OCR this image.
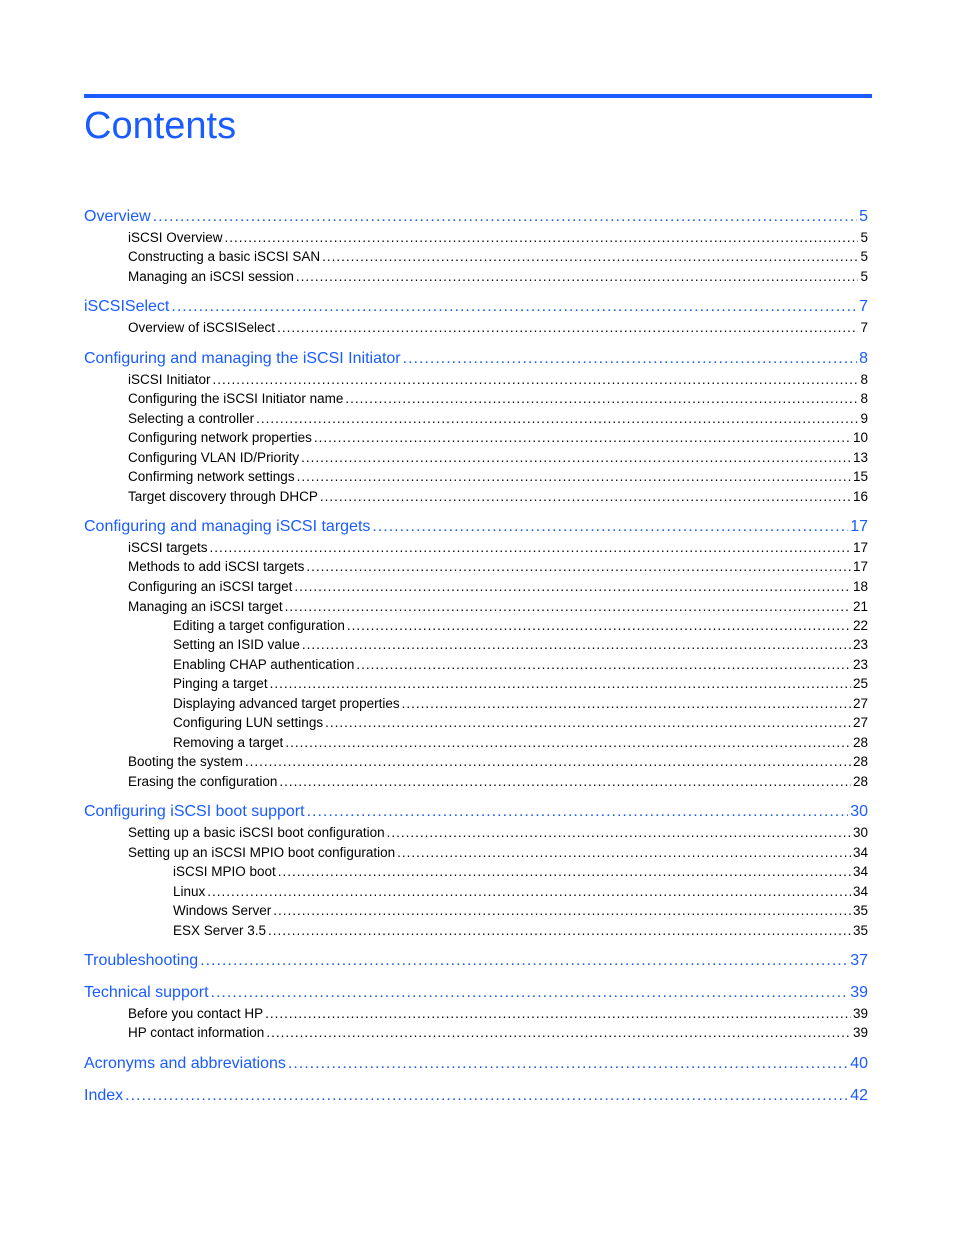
Contents
Overview .....	5
iSCSI Overview .....	5
Constructing a basic iSCSI SAN .....	5
Managing an iSCSI session .....	5
iSCSISelect .....	7
Overview of iSCSISelect .....	7
Configuring and managing the iSCSI Initiator .....	8
iSCSI Initiator .....	8
Configuring the iSCSI Initiator name .....	8
Selecting a controller .....	9
Configuring network properties .....	10
Configuring VLAN ID/Priority .....	13
Confirming network settings .....	15
Target discovery through DHCP .....	16
Configuring and managing iSCSI targets .....	17
iSCSI targets .....	17
Methods to add iSCSI targets .....	17
Configuring an iSCSI target .....	18
Managing an iSCSI target .....	21
Editing a target configuration .....	22
Setting an ISID value .....	23
Enabling CHAP authentication .....	23
Pinging a target .....	25
Displaying advanced target properties .....	27
Configuring LUN settings .....	27
Removing a target .....	28
Booting the system .....	28
Erasing the configuration .....	28
Configuring iSCSI boot support .....	30
Setting up a basic iSCSI boot configuration .....	30
Setting up an iSCSI MPIO boot configuration .....	34
iSCSI MPIO boot .....	34
Linux .....	34
Windows Server .....	35
ESX Server 3.5 .....	35
Troubleshooting .....	37
Technical support .....	39
Before you contact HP .....	39
HP contact information .....	39
Acronyms and abbreviations .....	40
Index .....	42
